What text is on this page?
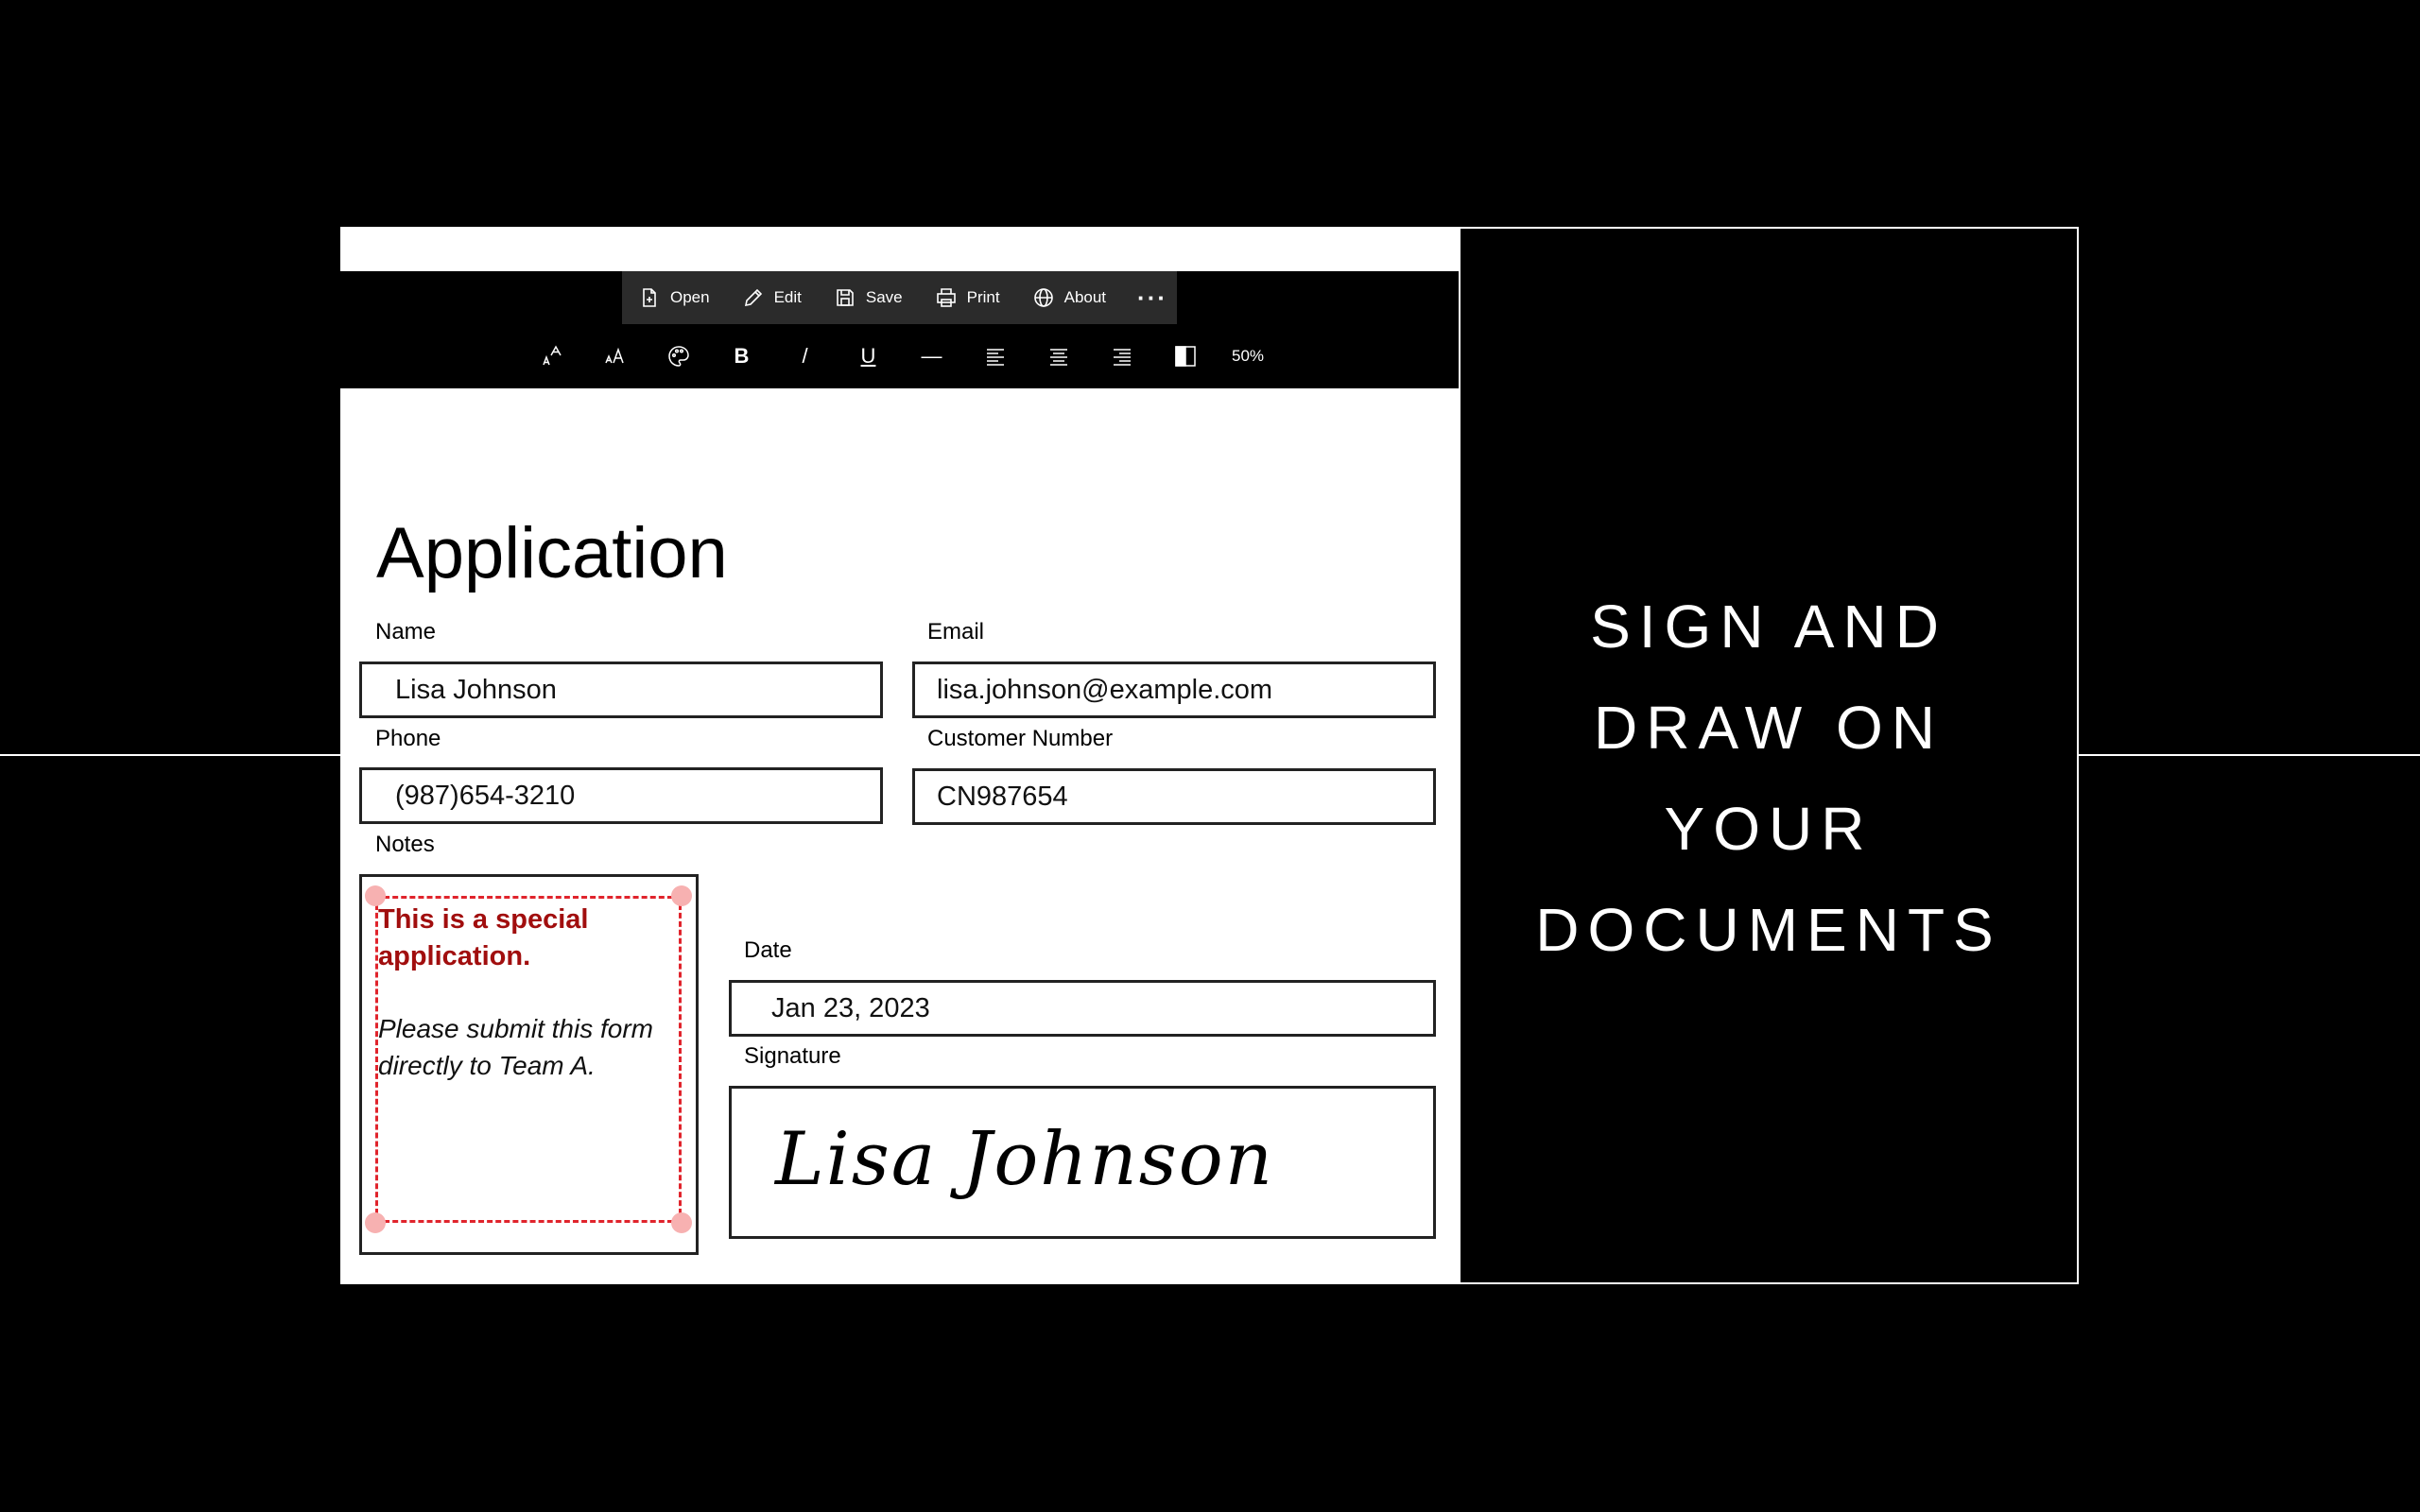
Open	Edit	Save	Print	About ···
B	/	U —	50%
Application
Name
Lisa Johnson
Email
lisa.johnson@example.com
Phone
(987)654-3210
Customer Number
CN987654
Notes
This is a special application.
Please submit this form directly to Team A.
Date
Jan 23, 2023
Signature
Lisa Johnson
SIGN AND
DRAW ON
YOUR
DOCUMENTS
